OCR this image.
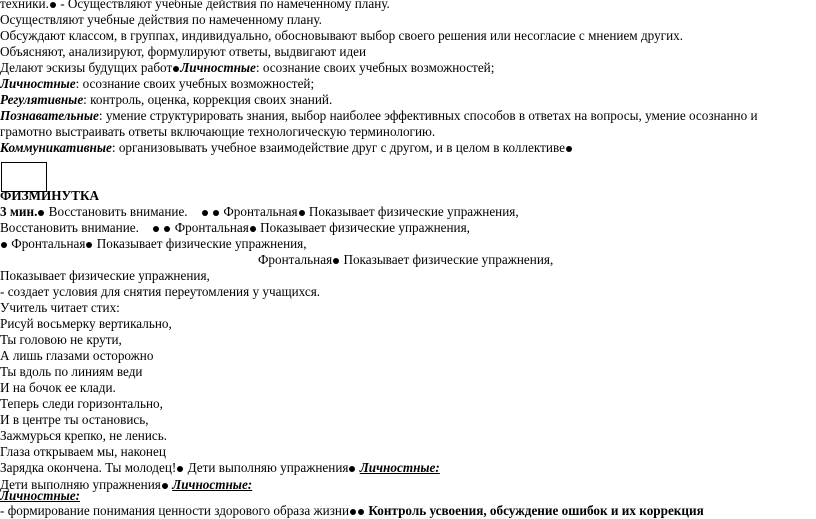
техники. - Осуществляют учебные действия по намеченному плану.
Осуществляют учебные действия по намеченному плану.
Обсуждают классом, в группах, индивидуально, обосновывают выбор своего решения или несогласие с мнением других.
Объясняют, анализируют, формулируют ответы, выдвигают идеи
Делают эскизы будущих работ Личностные: осознание своих учебных возможностей;
Личностные: осознание своих учебных возможностей;
Регулятивные: контроль, оценка, коррекция своих знаний.
Познавательные: умение структурировать знания, выбор наиболее эффективных способов в ответах на вопросы, умение осознанно и грамотно выстраивать ответы включающие технологическую терминологию.
Коммуникативные: организовывать учебное взаимодействие друг с другом, и в целом в коллективе
ФИЗМИНУТКА
3 мин. Восстановить внимание.      Фронтальная Показывает физические упражнения,
Восстановить внимание.      Фронтальная Показывает физические упражнения,
Фронтальная Показывает физические упражнения,
Фронтальная Показывает физические упражнения,
Показывает физические упражнения,
- создает условия для снятия переутомления у учащихся.
Учитель читает стих:
Рисуй восьмерку вертикально,
Ты головою не крути,
А лишь глазами осторожно
Ты вдоль по линиям веди
И на бочок ее клади.
Теперь следи горизонтально,
И в центре ты остановись,
Зажмурься крепко, не ленись.
Глаза открываем мы, наконец
Зарядка окончена. Ты молодец! Дети выполняю упражнения Личностные:
Дети выполняю упражнения Личностные:
Личностные:
- формирование понимания ценности здорового образа жизни Контроль усвоения, обсуждение ошибок и их коррекция
